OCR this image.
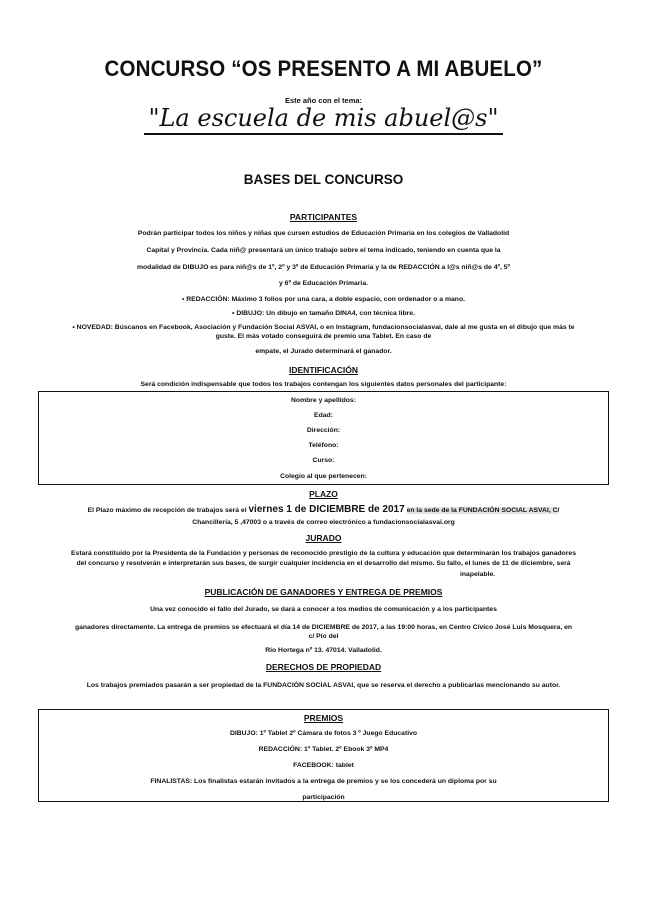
CONCURSO “OS PRESENTO A MI ABUELO”
Este año con el tema:
"La escuela de mis abuel@s"
BASES DEL CONCURSO
PARTICIPANTES
Podrán participar todos los niños y niñas que cursen estudios de Educación Primaria en los colegios de Valladolid
Capital y Provincia. Cada niñ@ presentará un único trabajo sobre el tema indicado, teniendo en cuenta que la
modalidad de DIBUJO es para niñ@s de 1º, 2º y 3º de Educación Primaria y la de REDACCIÓN a l@s niñ@s de 4º, 5º
y 6º de Educación Primaria.
• REDACCIÓN: Máximo 3 folios por una cara, a doble espacio, con ordenador o a mano.
• DIBUJO: Un dibujo en tamaño DINA4, con técnica libre.
• NOVEDAD: Búscanos en Facebook, Asociación y Fundación Social ASVAI, o en Instagram, fundacionsocialasvai, dale al me gusta en el dibujo que más te
guste. El más votado conseguirá de premio una Tablet. En caso de
empate, el Jurado determinará el ganador.
IDENTIFICACIÓN
Será condición indispensable que todos los trabajos contengan los siguientes datos personales del participante:
Nombre y apellidos:
Edad:
Dirección:
Teléfono:
Curso:
Colegio al que pertenecen:
PLAZO
El Plazo máximo de recepción de trabajos será el viernes 1 de DICIEMBRE de 2017 en la sede de la FUNDACIÓN SOCIAL ASVAI, C/
Chancillería, 5 ,47003 o a través de correo electrónico a fundacionsocialasvai.org
JURADO
Estará constituido por la Presidenta de la Fundación y personas de reconocido prestigio de la cultura y educación que determinarán los trabajos ganadores
del concurso y resolverán e interpretarán sus bases, de surgir cualquier incidencia en el desarrollo del mismo. Su fallo, el lunes de 11 de diciembre, será
inapelable.
PUBLICACIÓN DE GANADORES Y ENTREGA DE PREMIOS
Una vez conocido el fallo del Jurado, se dará a conocer a los medios de comunicación y a los participantes
ganadores directamente. La entrega de premios se efectuará el día 14 de DICIEMBRE de 2017, a las 19:00 horas, en Centro Cívico José Luis Mosquera, en
c/ Pío del
Río Hortega nº 13. 47014. Valladolid.
DERECHOS DE PROPIEDAD
Los trabajos premiados pasarán a ser propiedad de la FUNDACIÓN SOCIAL ASVAI, que se reserva el derecho a publicarlas mencionando su autor.
PREMIOS
DIBUJO: 1º Tablet 2º Cámara de fotos 3 º Juego Educativo
REDACCIÓN: 1º Tablet. 2º Ebook 3º MP4
FACEBOOK: tablet
FINALISTAS: Los finalistas estarán invitados a la entrega de premios y se los concederá un diploma por su
participación
